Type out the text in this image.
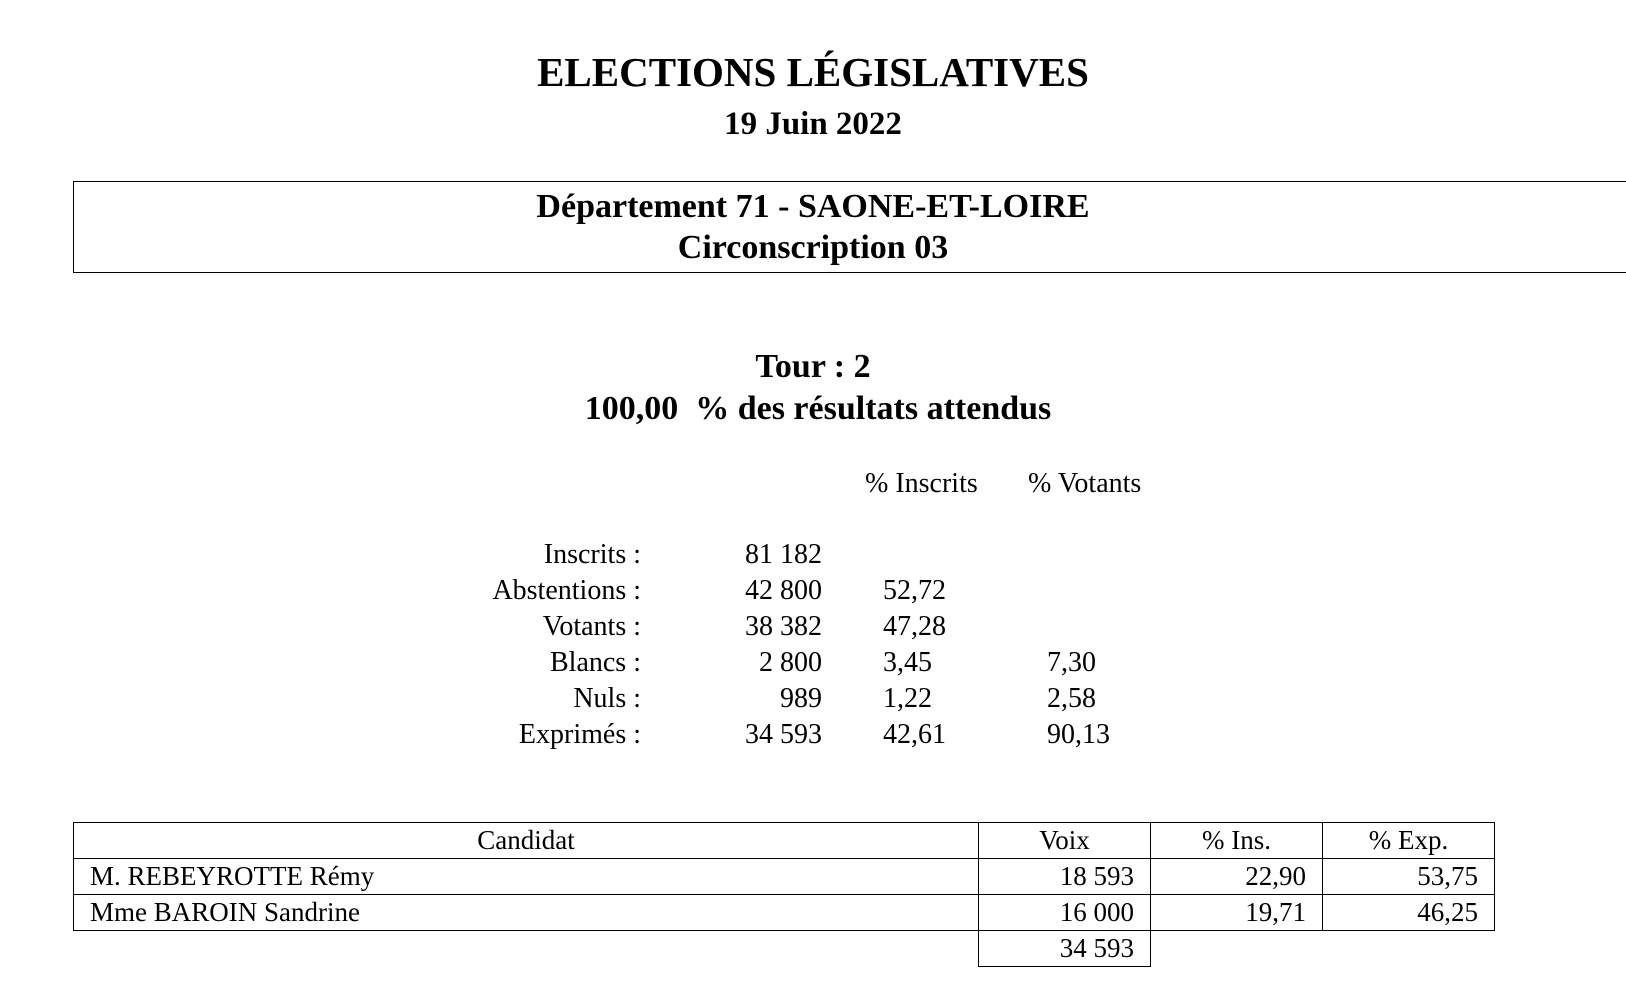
ELECTIONS LÉGISLATIVES
19 Juin 2022
Département 71 - SAONE-ET-LOIRE
Circonscription 03
Tour : 2
100,00  % des résultats attendus
% Inscrits % Votants
Inscrits :	81 182
Abstentions :	42 800 52,72
Votants :	38 382 47,28
Blancs :	2 800 3,45	7,30
Nuls :	989 1,22	2,58
Exprimés :	34 593 42,61	90,13
Candidat	Voix	% Ins.	% Exp.
M. REBEYROTTE Rémy	18 593	22,90	53,75
Mme BAROIN Sandrine	16 000	19,71	46,25
	34 593		
